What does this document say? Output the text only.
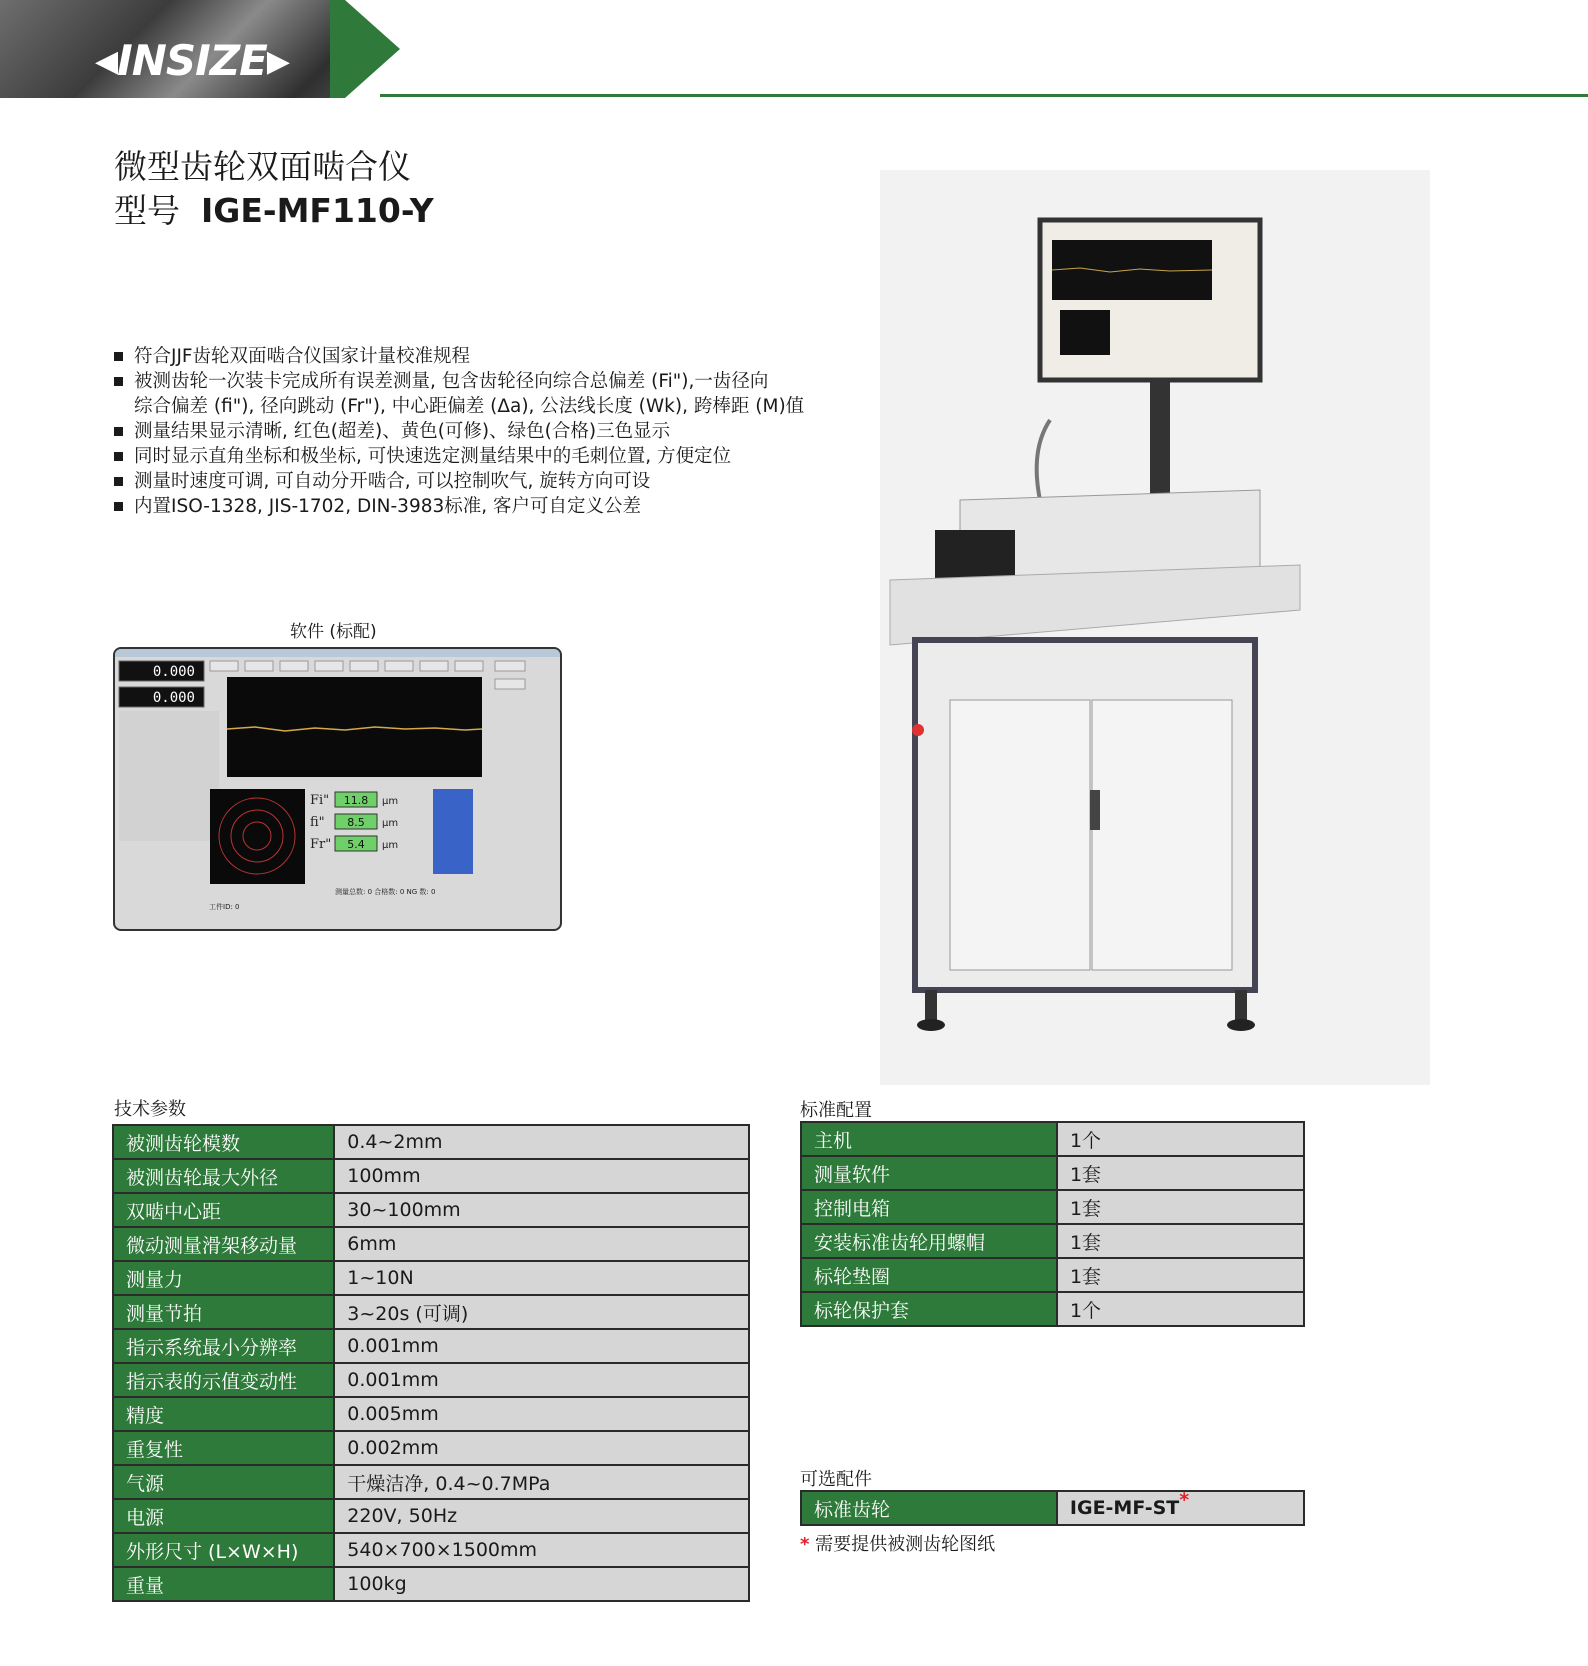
◀INSIZE▶
微型齿轮双面啮合仪
型号 IGE-MF110-Y
符合JJF齿轮双面啮合仪国家计量校准规程
被测齿轮一次装卡完成所有误差测量, 包含齿轮径向综合总偏差 (Fi"),一齿径向
综合偏差 (fi"), 径向跳动 (Fr"), 中心距偏差 (Δa), 公法线长度 (Wk), 跨棒距 (M)值
测量结果显示清晰, 红色(超差)、黄色(可修)、绿色(合格)三色显示
同时显示直角坐标和极坐标, 可快速选定测量结果中的毛刺位置, 方便定位
测量时速度可调, 可自动分开啮合, 可以控制吹气, 旋转方向可设
内置ISO-1328, JIS-1702, DIN-3983标准, 客户可自定义公差
软件 (标配)
0.000
0.000
Fi" 11.8 μm
fi" 8.5 μm
Fr" 5.4 μm
工件ID: 0
测量总数: 0 合格数: 0 NG 数: 0
技术参数
被测齿轮模数	0.4~2mm
被测齿轮最大外径	100mm
双啮中心距	30~100mm
微动测量滑架移动量	6mm
测量力	1~10N
测量节拍	3~20s (可调)
指示系统最小分辨率	0.001mm
指示表的示值变动性	0.001mm
精度	0.005mm
重复性	0.002mm
气源	干燥洁净, 0.4~0.7MPa
电源	220V, 50Hz
外形尺寸 (L×W×H)	540×700×1500mm
重量	100kg
标准配置
主机	1个
测量软件	1套
控制电箱	1套
安装标准齿轮用螺帽	1套
标轮垫圈	1套
标轮保护套	1个
可选配件
标准齿轮	IGE-MF-ST*
* 需要提供被测齿轮图纸
